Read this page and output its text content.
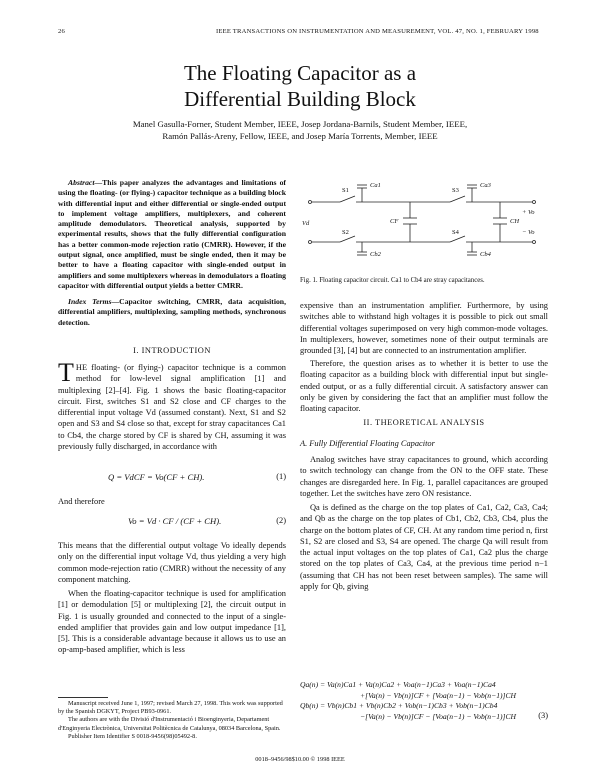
26	IEEE TRANSACTIONS ON INSTRUMENTATION AND MEASUREMENT, VOL. 47, NO. 1, FEBRUARY 1998
The Floating Capacitor as a
Differential Building Block
Manel Gasulla-Forner, Student Member, IEEE, Josep Jordana-Barnils, Student Member, IEEE,
Ramón Pallás-Areny, Fellow, IEEE, and Josep María Torrents, Member, IEEE
Abstract—This paper analyzes the advantages and limitations of using the floating- (or flying-) capacitor technique as a building block with differential input and either differential or single-ended output to implement voltage amplifiers, multiplexers, and coherent amplitude demodulators. Theoretical analysis, supported by experimental results, shows that the fully differential configuration has a better common-mode rejection ratio (CMRR). However, if the output signal, once amplified, must be single ended, then it may be better to have a floating capacitor with single-ended output in amplifiers and some multiplexers whereas in demodulators a floating capacitor with differential output yields a better CMRR.
Index Terms—Capacitor switching, CMRR, data acquisition, differential amplifiers, multiplexing, sampling methods, synchronous detection.
I. INTRODUCTION
THE floating- (or flying-) capacitor technique is a common method for low-level signal amplification [1] and multiplexing [2]–[4]. Fig. 1 shows the basic floating-capacitor circuit. First, switches S1 and S2 close and CF charges to the differential input voltage Vd (assumed constant). Next, S1 and S2 open and S3 and S4 close so that, except for stray capacitances Ca1 to Cb4, the charge stored by CF is shared by CH, assuming it was previously fully discharged, in accordance with
Q = VdCF = Vo(CF + CH).	(1)
And therefore
Vo = Vd · CF / (CF + CH).	(2)
This means that the differential output voltage Vo ideally depends only on the differential input voltage Vd, thus yielding a very high common mode-rejection ratio (CMRR) without the necessity of any component matching.
When the floating-capacitor technique is used for amplification [1] or demodulation [5] or multiplexing [2], the circuit output in Fig. 1 is usually grounded and connected to the input of a single-ended amplifier that provides gain and low output impedance [1], [5]. This is a considerable advantage because it allows us to use an op-amp-based amplifier, which is less

Manuscript received June 1, 1997; revised March 27, 1998. This work was supported by the Spanish DGKYT, Project PB93-0961.

The authors are with the Divisió d'Instrumentació i Bioenginyeria, Departament d'Enginyeria Electrònica, Universitat Politècnica de Catalunya, 08034 Barcelona, Spain.

Publisher Item Identifier S 0018-9456(98)05492-8.

S1
S2
S3
S4
Vd	CF	CH
+ Vo
− Vo
Ca1
Cb2
Ca3
Cb4
Fig. 1. Floating capacitor circuit. Ca1 to Cb4 are stray capacitances.
expensive than an instrumentation amplifier. Furthermore, by using switches able to withstand high voltages it is possible to pick out small differential voltages superimposed on very high common-mode voltages. In multiplexers, however, sometimes none of their output terminals are grounded [3], [4] but are connected to an instrumentation amplifier.
Therefore, the question arises as to whether it is better to use the floating capacitor as a building block with differential input but single-ended output, or as a fully differential circuit. A satisfactory answer can only be given by considering the fact that an amplifier must follow the floating capacitor.
II. THEORETICAL ANALYSIS
A. Fully Differential Floating Capacitor
Analog switches have stray capacitances to ground, which according to switch technology can change from the ON to the OFF state. These changes are disregarded here. In Fig. 1, parallel capacitances are grouped together. Let the switches have zero ON resistance.
Qa is defined as the charge on the top plates of Ca1, Ca2, Ca3, Ca4; and Qb as the charge on the top plates of Cb1, Cb2, Cb3, Cb4, plus the charge on the bottom plates of CF, CH. At any random time period n, first S1, S2 are closed and S3, S4 are opened. The charge Qa will result from the actual input voltages on the top plates of Ca1, Ca2 plus the charge stored on the top plates of Ca3, Ca4, at the previous time period n−1 (assuming that CH has not been reset between samples). The same will apply for Qb, giving
Qa(n) = Va(n)Ca1 + Va(n)Ca2 + Voa(n−1)Ca3 + Voa(n−1)Ca4
+[Va(n) − Vb(n)]CF + [Voa(n−1) − Vob(n−1)]CH
Qb(n) = Vb(n)Cb1 + Vb(n)Cb2 + Vob(n−1)Cb3 + Vob(n−1)Cb4
−[Va(n) − Vb(n)]CF − [Voa(n−1) − Vob(n−1)]CH	(3)
0018–9456/98$10.00 © 1998 IEEE
